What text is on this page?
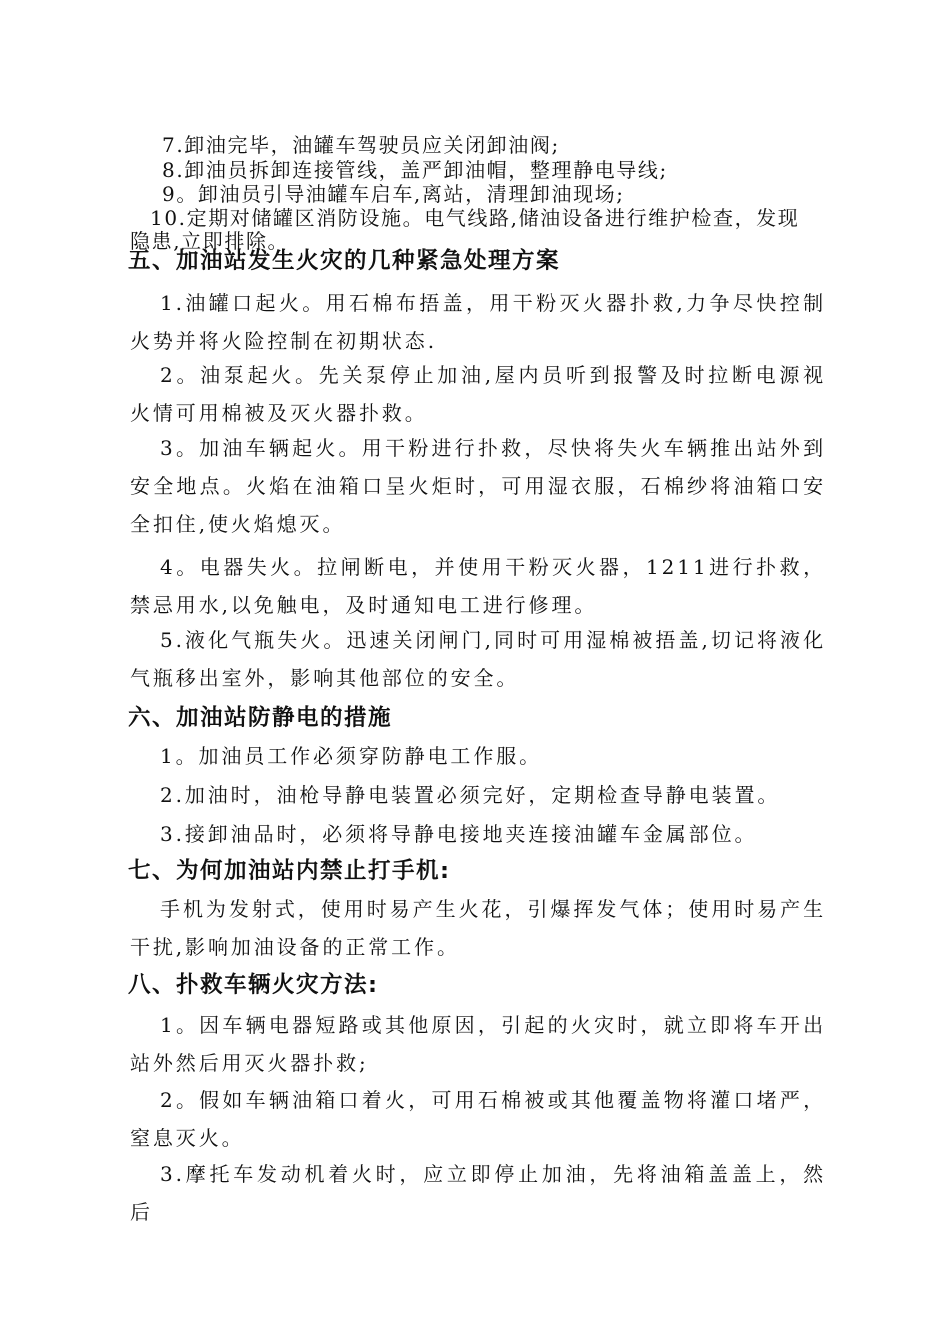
7.卸油完毕，油罐车驾驶员应关闭卸油阀;
8.卸油员拆卸连接管线，盖严卸油帽，整理静电导线;
9。卸油员引导油罐车启车,离站，清理卸油现场;
10.定期对储罐区消防设施。电气线路,储油设备进行维护检查，发现
隐患,立即排除。
五、加油站发生火灾的几种紧急处理方案
1.油罐口起火。用石棉布捂盖，用干粉灭火器扑救,力争尽快控制火势并将火险控制在初期状态.
2。油泵起火。先关泵停止加油,屋内员听到报警及时拉断电源视火情可用棉被及灭火器扑救。
3。加油车辆起火。用干粉进行扑救，尽快将失火车辆推出站外到安全地点。火焰在油箱口呈火炬时，可用湿衣服，石棉纱将油箱口安全扣住,使火焰熄灭。
4。电器失火。拉闸断电，并使用干粉灭火器，1211进行扑救，禁忌用水,以免触电，及时通知电工进行修理。
5.液化气瓶失火。迅速关闭闸门,同时可用湿棉被捂盖,切记将液化气瓶移出室外，影响其他部位的安全。
六、加油站防静电的措施
1。加油员工作必须穿防静电工作服。
2.加油时，油枪导静电装置必须完好，定期检查导静电装置。
3.接卸油品时，必须将导静电接地夹连接油罐车金属部位。
七、为何加油站内禁止打手机:
手机为发射式，使用时易产生火花，引爆挥发气体；使用时易产生干扰,影响加油设备的正常工作。
八、扑救车辆火灾方法:
1。因车辆电器短路或其他原因，引起的火灾时，就立即将车开出站外然后用灭火器扑救;
2。假如车辆油箱口着火，可用石棉被或其他覆盖物将灌口堵严，窒息灭火。
3.摩托车发动机着火时，应立即停止加油，先将油箱盖盖上，然后
